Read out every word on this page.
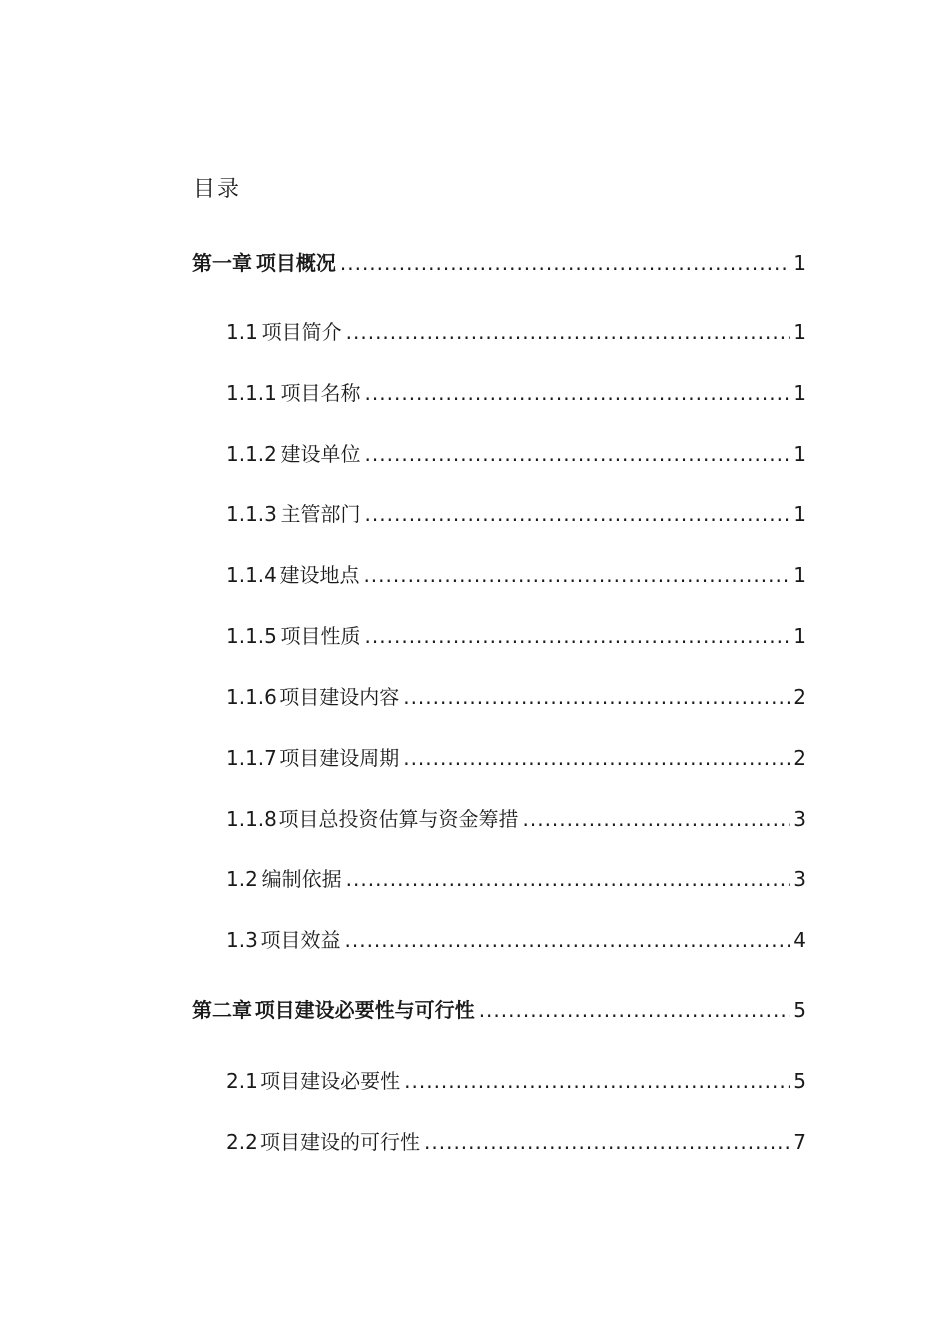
目录
第一章 项目概况 .....	1
1.1 项目简介 .....	1
1.1.1 项目名称 .....	1
1.1.2 建设单位 .....	1
1.1.3 主管部门 .....	1
1.1.4 建设地点 .....	1
1.1.5 项目性质 .....	1
1.1.6 项目建设内容 .....	2
1.1.7 项目建设周期 .....	2
1.1.8 项目总投资估算与资金筹措 .....	3
1.2 编制依据 .....	3
1.3 项目效益 .....	4
第二章 项目建设必要性与可行性 .....	5
2.1 项目建设必要性 .....	5
2.2 项目建设的可行性 .....	7
